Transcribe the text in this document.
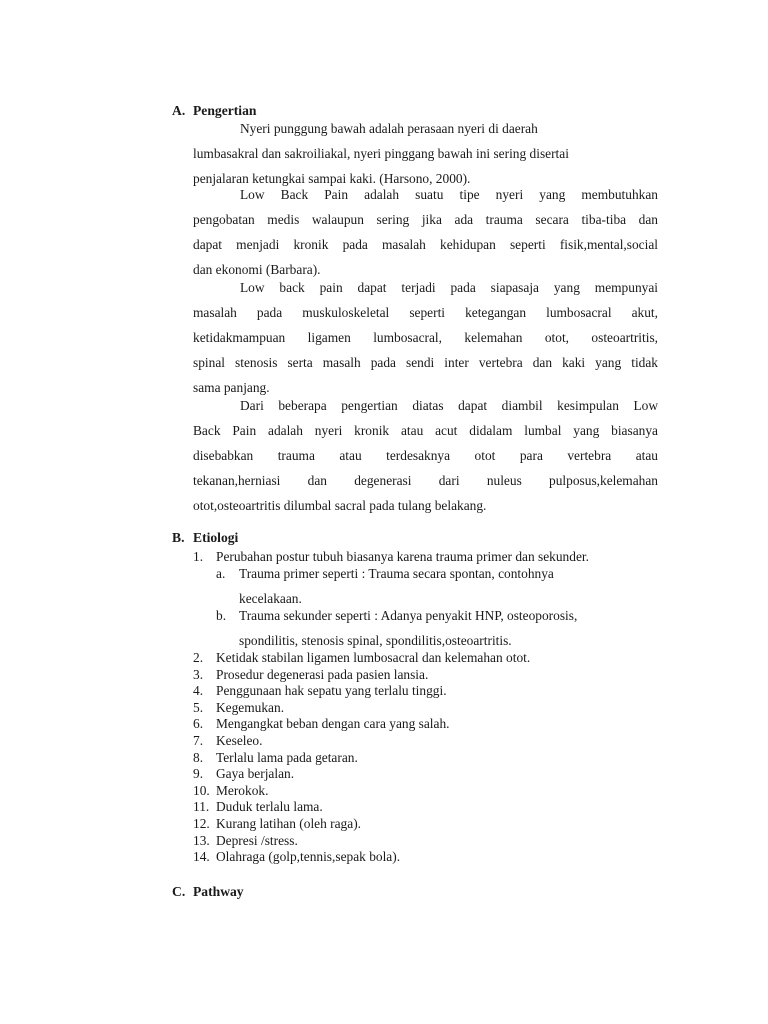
A. Pengertian
Nyeri punggung bawah adalah perasaan nyeri di daerah
lumbasakral dan sakroiliakal, nyeri pinggang bawah ini sering disertai
penjalaran ketungkai sampai kaki. (Harsono, 2000).
Low Back Pain adalah suatu tipe nyeri yang membutuhkan
pengobatan medis walaupun sering jika ada trauma secara tiba-tiba dan
dapat menjadi kronik pada masalah kehidupan seperti fisik,mental,social
dan ekonomi (Barbara).
Low back pain dapat terjadi pada siapasaja yang mempunyai
masalah pada muskuloskeletal seperti ketegangan lumbosacral akut,
ketidakmampuan ligamen lumbosacral, kelemahan otot, osteoartritis,
spinal stenosis serta masalh pada sendi inter vertebra dan kaki yang tidak
sama panjang.
Dari beberapa pengertian diatas dapat diambil kesimpulan Low
Back Pain adalah nyeri kronik atau acut didalam lumbal yang biasanya
disebabkan trauma atau terdesaknya otot para vertebra atau
tekanan,herniasi dan degenerasi dari nuleus pulposus,kelemahan
otot,osteoartritis dilumbal sacral pada tulang belakang.
B. Etiologi
1. Perubahan postur tubuh biasanya karena trauma primer dan sekunder.
a. Trauma primer seperti : Trauma secara spontan, contohnya
kecelakaan.
b. Trauma sekunder seperti : Adanya penyakit HNP, osteoporosis,
spondilitis, stenosis spinal, spondilitis,osteoartritis.
2. Ketidak stabilan ligamen lumbosacral dan kelemahan otot.
3. Prosedur degenerasi pada pasien lansia.
4. Penggunaan hak sepatu yang terlalu tinggi.
5. Kegemukan.
6. Mengangkat beban dengan cara yang salah.
7. Keseleo.
8. Terlalu lama pada getaran.
9. Gaya berjalan.
10. Merokok.
11. Duduk terlalu lama.
12. Kurang latihan (oleh raga).
13. Depresi /stress.
14. Olahraga (golp,tennis,sepak bola).
C. Pathway
